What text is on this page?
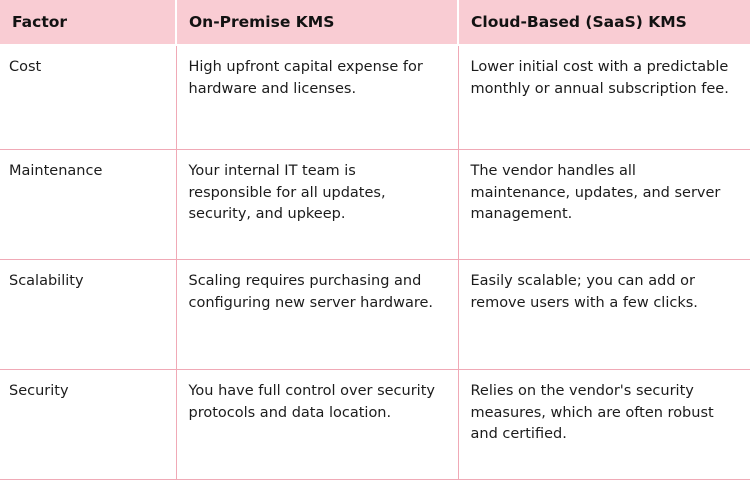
Factor	On-Premise KMS	Cloud-Based (SaaS) KMS
Cost	High upfront capital expense for hardware and licenses.	Lower initial cost with a predictable monthly or annual subscription fee.
Maintenance	Your internal IT team is responsible for all updates, security, and upkeep.	The vendor handles all maintenance, updates, and server management.
Scalability	Scaling requires purchasing and configuring new server hardware.	Easily scalable; you can add or remove users with a few clicks.
Security	You have full control over security protocols and data location.	Relies on the vendor's security measures, which are often robust and certified.
